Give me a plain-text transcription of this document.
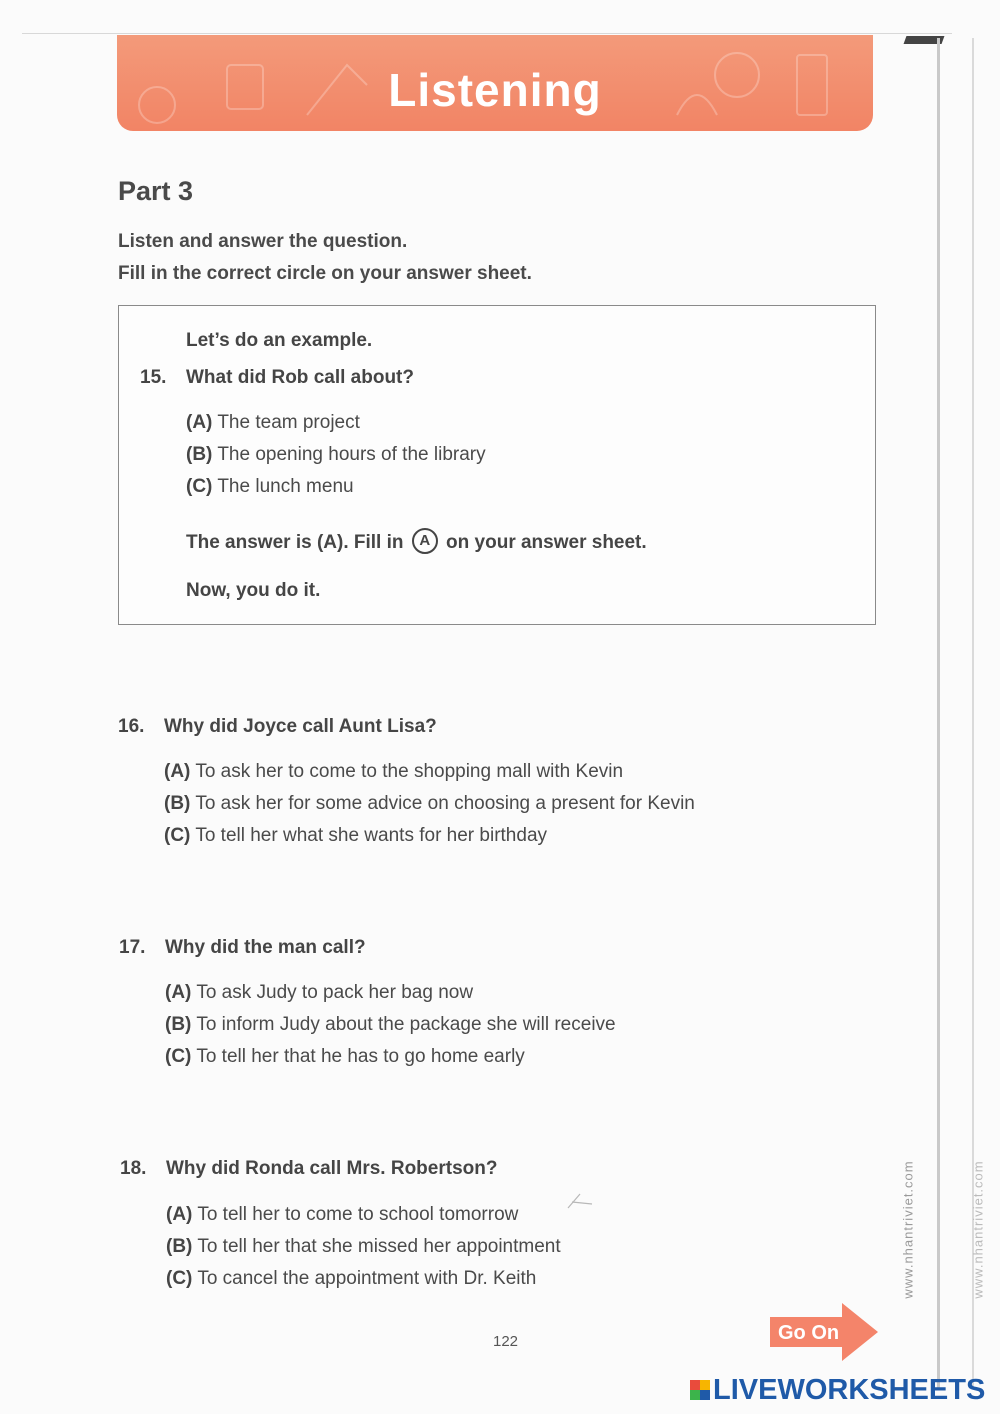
Listening
Part 3
Listen and answer the question.
Fill in the correct circle on your answer sheet.
Let’s do an example.
15. What did Rob call about?
(A) The team project
(B) The opening hours of the library
(C) The lunch menu
The answer is (A). Fill in A on your answer sheet.
Now, you do it.
16. Why did Joyce call Aunt Lisa?
(A) To ask her to come to the shopping mall with Kevin
(B) To ask her for some advice on choosing a present for Kevin
(C) To tell her what she wants for her birthday
17. Why did the man call?
(A) To ask Judy to pack her bag now
(B) To inform Judy about the package she will receive
(C) To tell her that he has to go home early
18. Why did Ronda call Mrs. Robertson?
(A) To tell her to come to school tomorrow
(B) To tell her that she missed her appointment
(C) To cancel the appointment with Dr. Keith
122	Go On
www.nhantriviet.com	www.nhantriviet.com
LIVEWORKSHEETS
